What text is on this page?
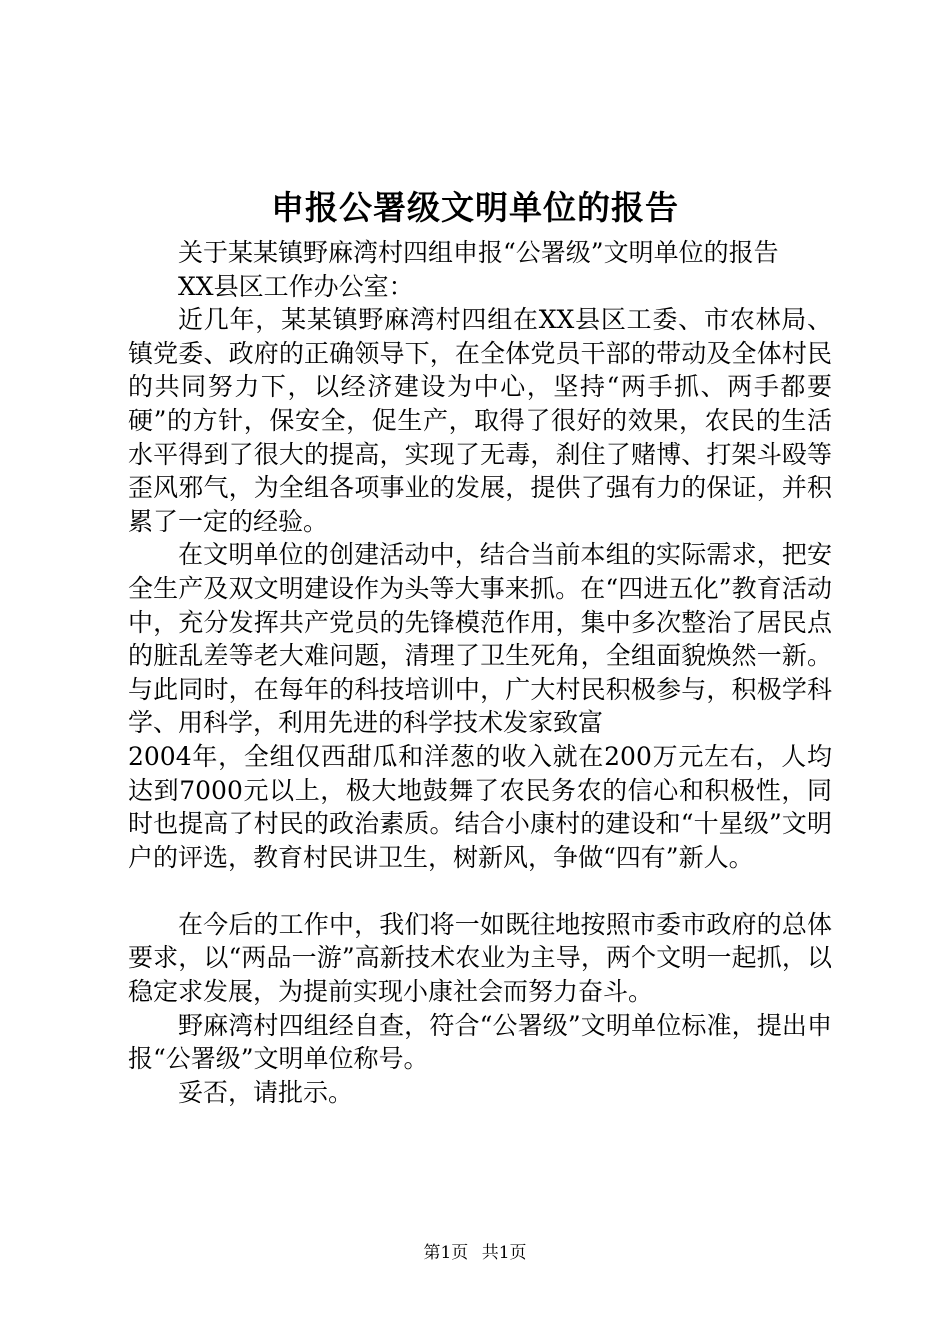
申报公署级文明单位的报告

关于某某镇野麻湾村四组申报“公署级”文明单位的报告

XX县区工作办公室：

近几年，某某镇野麻湾村四组在XX县区工委、市农林局、镇党委、政府的正确领导下，在全体党员干部的带动及全体村民的共同努力下，以经济建设为中心，坚持“两手抓、两手都要硬”的方针，保安全，促生产，取得了很好的效果，农民的生活水平得到了很大的提高，实现了无毒，刹住了赌博、打架斗殴等歪风邪气，为全组各项事业的发展，提供了强有力的保证，并积累了一定的经验。

在文明单位的创建活动中，结合当前本组的实际需求，把安全生产及双文明建设作为头等大事来抓。在“四进五化”教育活动中，充分发挥共产党员的先锋模范作用，集中多次整治了居民点的脏乱差等老大难问题，清理了卫生死角，全组面貌焕然一新。与此同时，在每年的科技培训中，广大村民积极参与，积极学科学、用科学，利用先进的科学技术发家致富

2004年，全组仅西甜瓜和洋葱的收入就在200万元左右，人均达到7000元以上，极大地鼓舞了农民务农的信心和积极性，同时也提高了村民的政治素质。结合小康村的建设和“十星级”文明户的评选，教育村民讲卫生，树新风，争做“四有”新人。

在今后的工作中，我们将一如既往地按照市委市政府的总体要求，以“两品一游”高新技术农业为主导，两个文明一起抓，以稳定求发展，为提前实现小康社会而努力奋斗。

野麻湾村四组经自查，符合“公署级”文明单位标准，提出申报“公署级”文明单位称号。

妥否，请批示。

第1页 共1页
